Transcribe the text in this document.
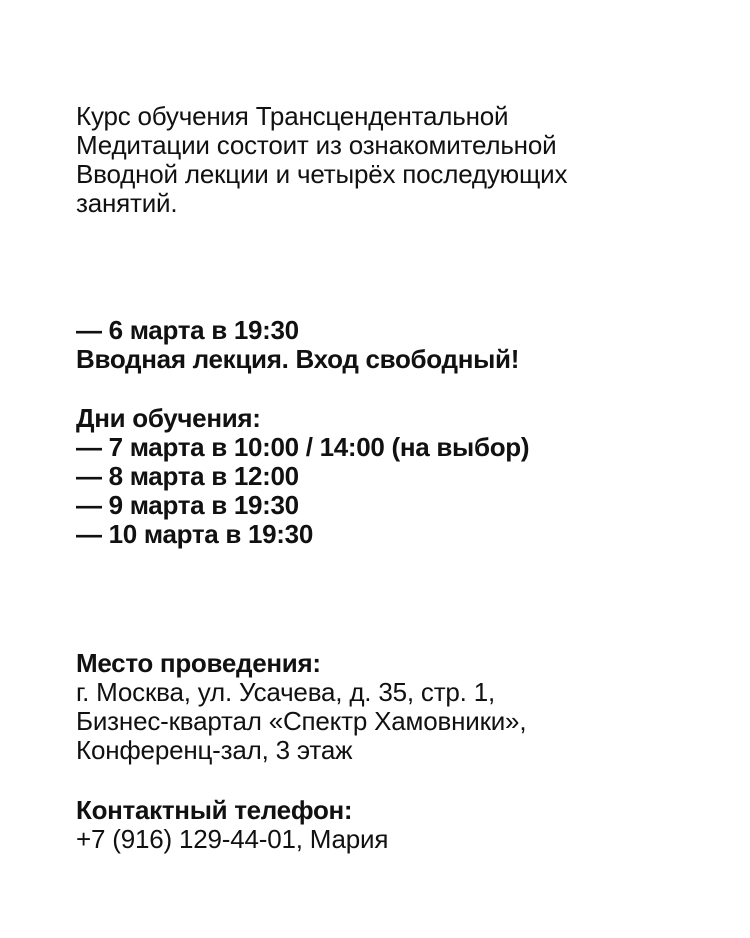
Курс обучения Трансцендентальной
Медитации состоит из ознакомительной
Вводной лекции и четырёх последующих
занятий.
— 6 марта в 19:30
Вводная лекция. Вход свободный!
Дни обучения:
— 7 марта в 10:00 / 14:00 (на выбор)
— 8 марта в 12:00
— 9 марта в 19:30
— 10 марта в 19:30
Место проведения:
г. Москва, ул. Усачева, д. 35, стр. 1,
Бизнес-квартал «Спектр Хамовники»,
Конференц-зал, 3 этаж
Контактный телефон:
+7 (916) 129-44-01, Мария
